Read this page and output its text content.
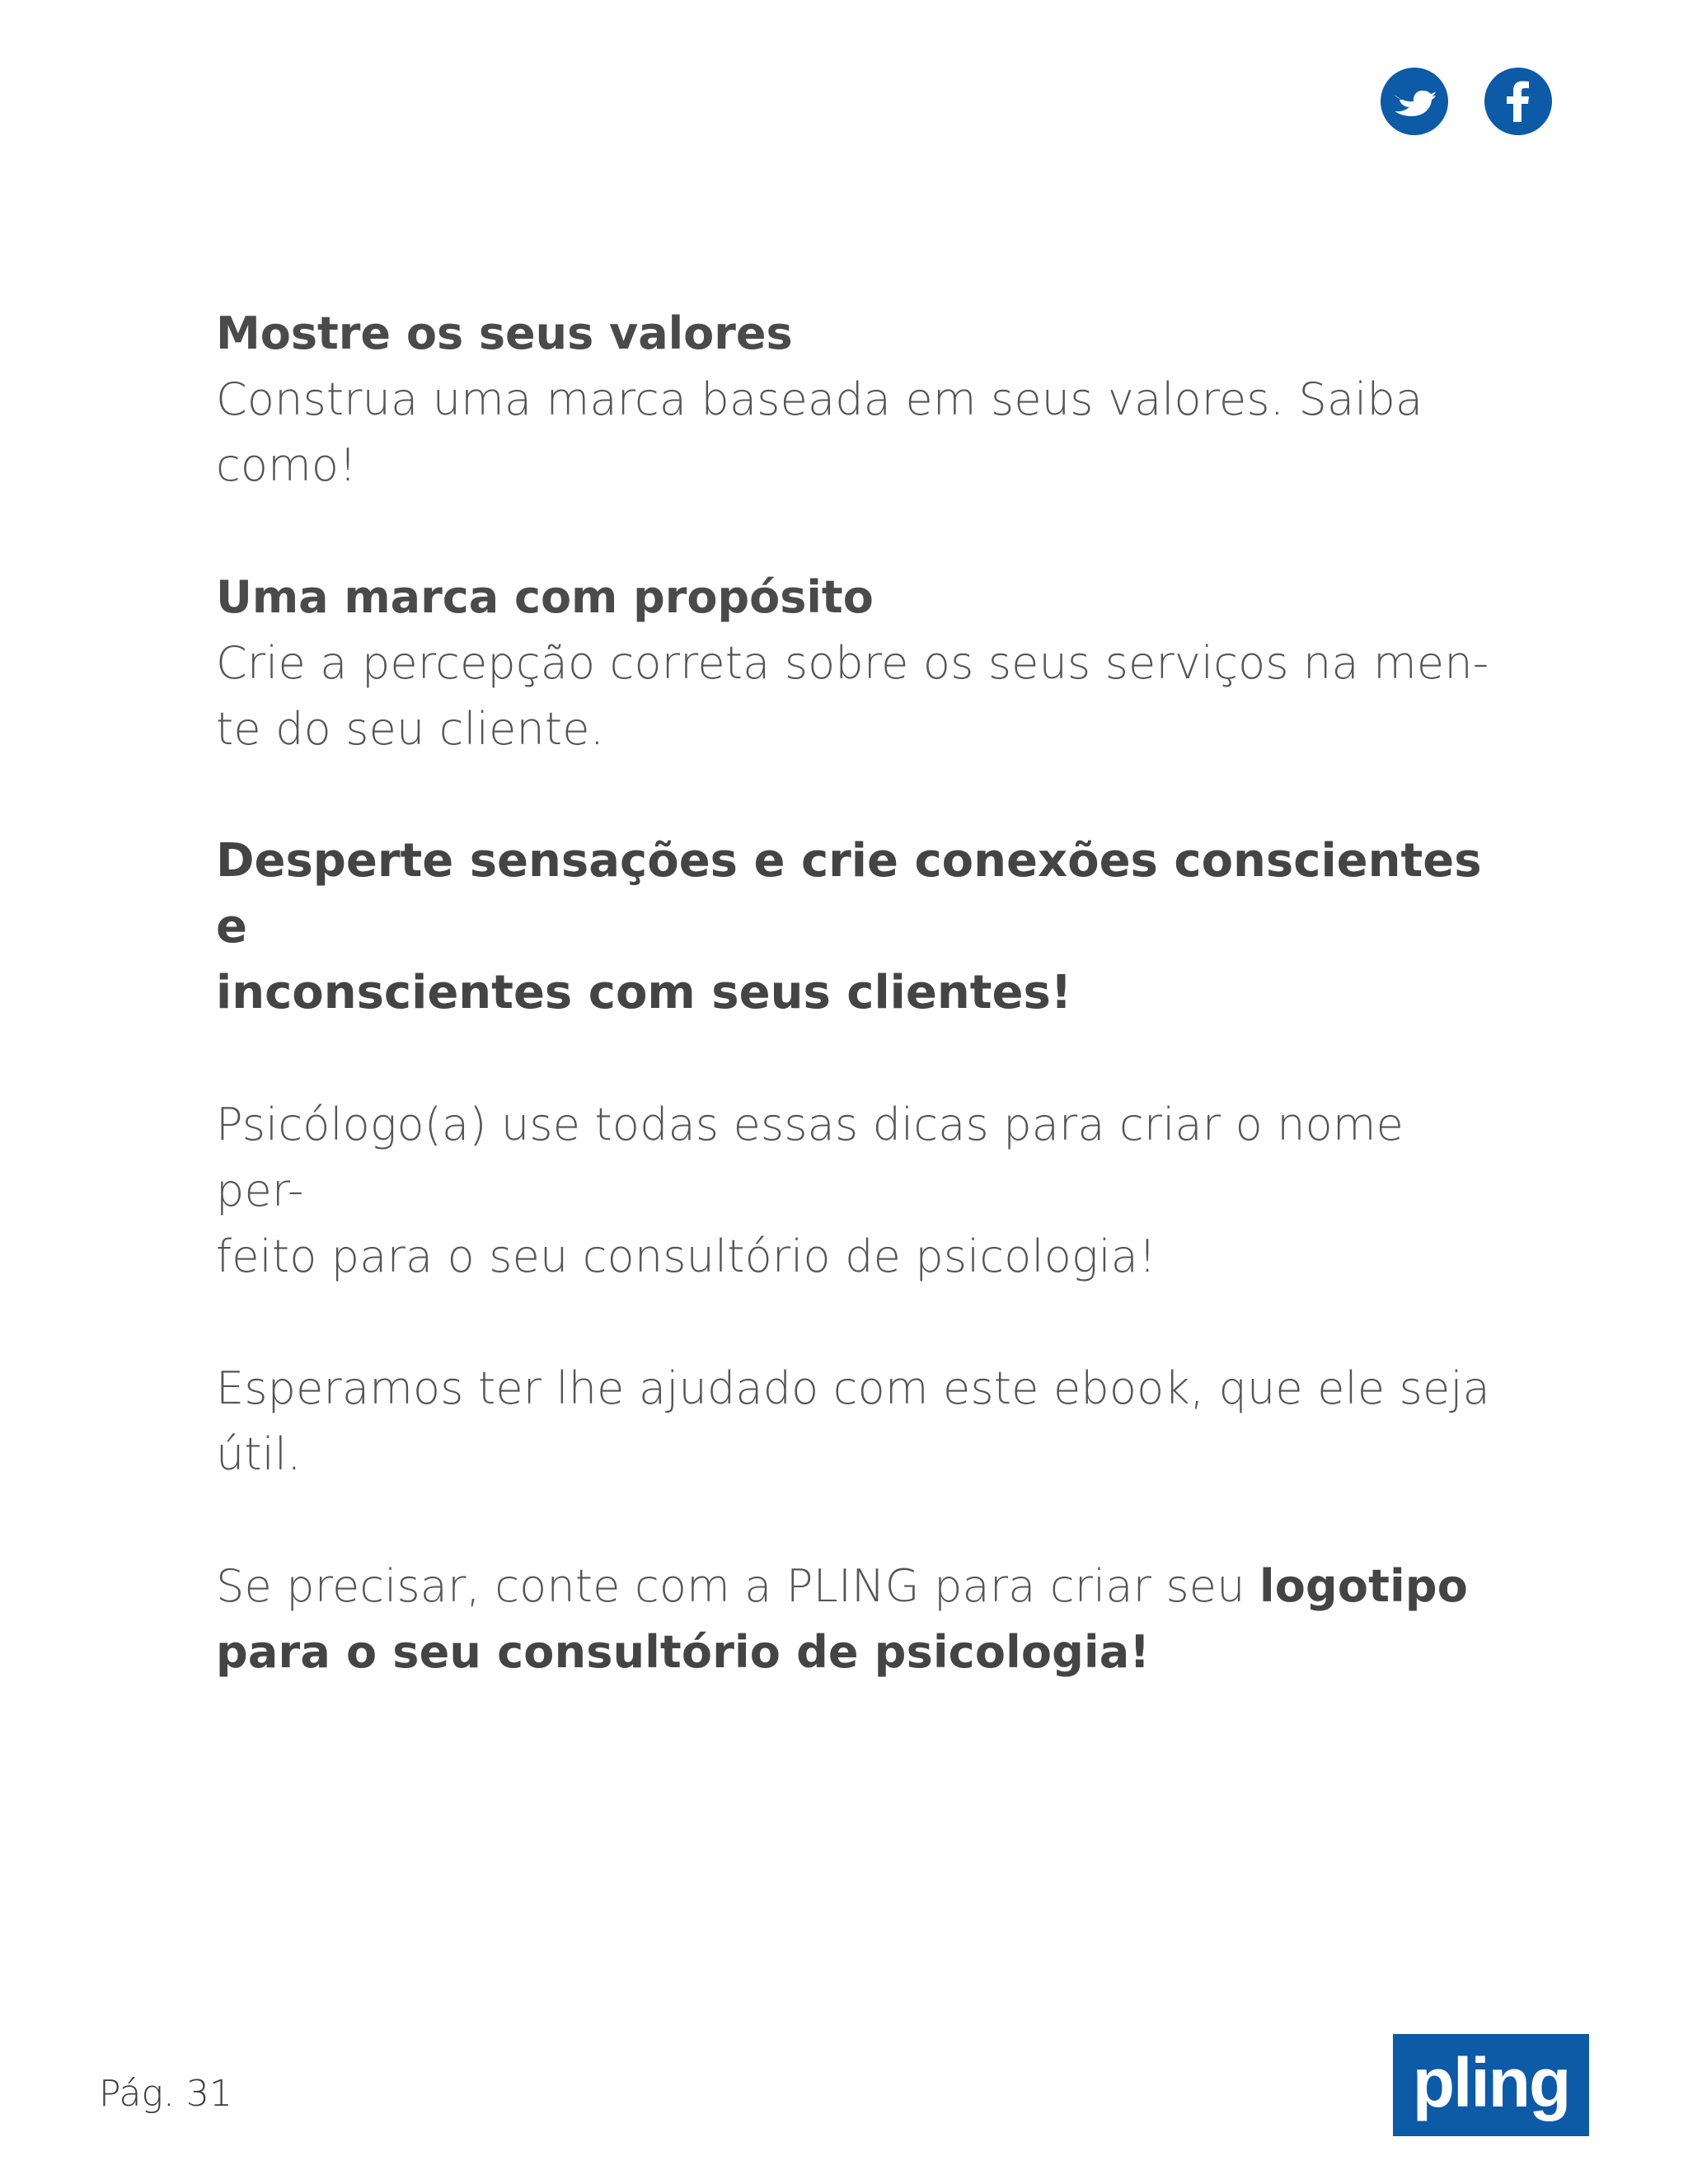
Mostre os seus valores

Construa uma marca baseada em seus valores. Saiba

como!

Uma marca com propósito

Crie a percepção correta sobre os seus serviços na men-

te do seu cliente.

Desperte sensações e crie conexões conscientes e

inconscientes com seus clientes!

Psicólogo(a) use todas essas dicas para criar o nome per-

feito para o seu consultório de psicologia!

Esperamos ter lhe ajudado com este ebook, que ele seja

útil.

Se precisar, conte com a PLING para criar seu logotipo

para o seu consultório de psicologia!

Pág. 31	pling
